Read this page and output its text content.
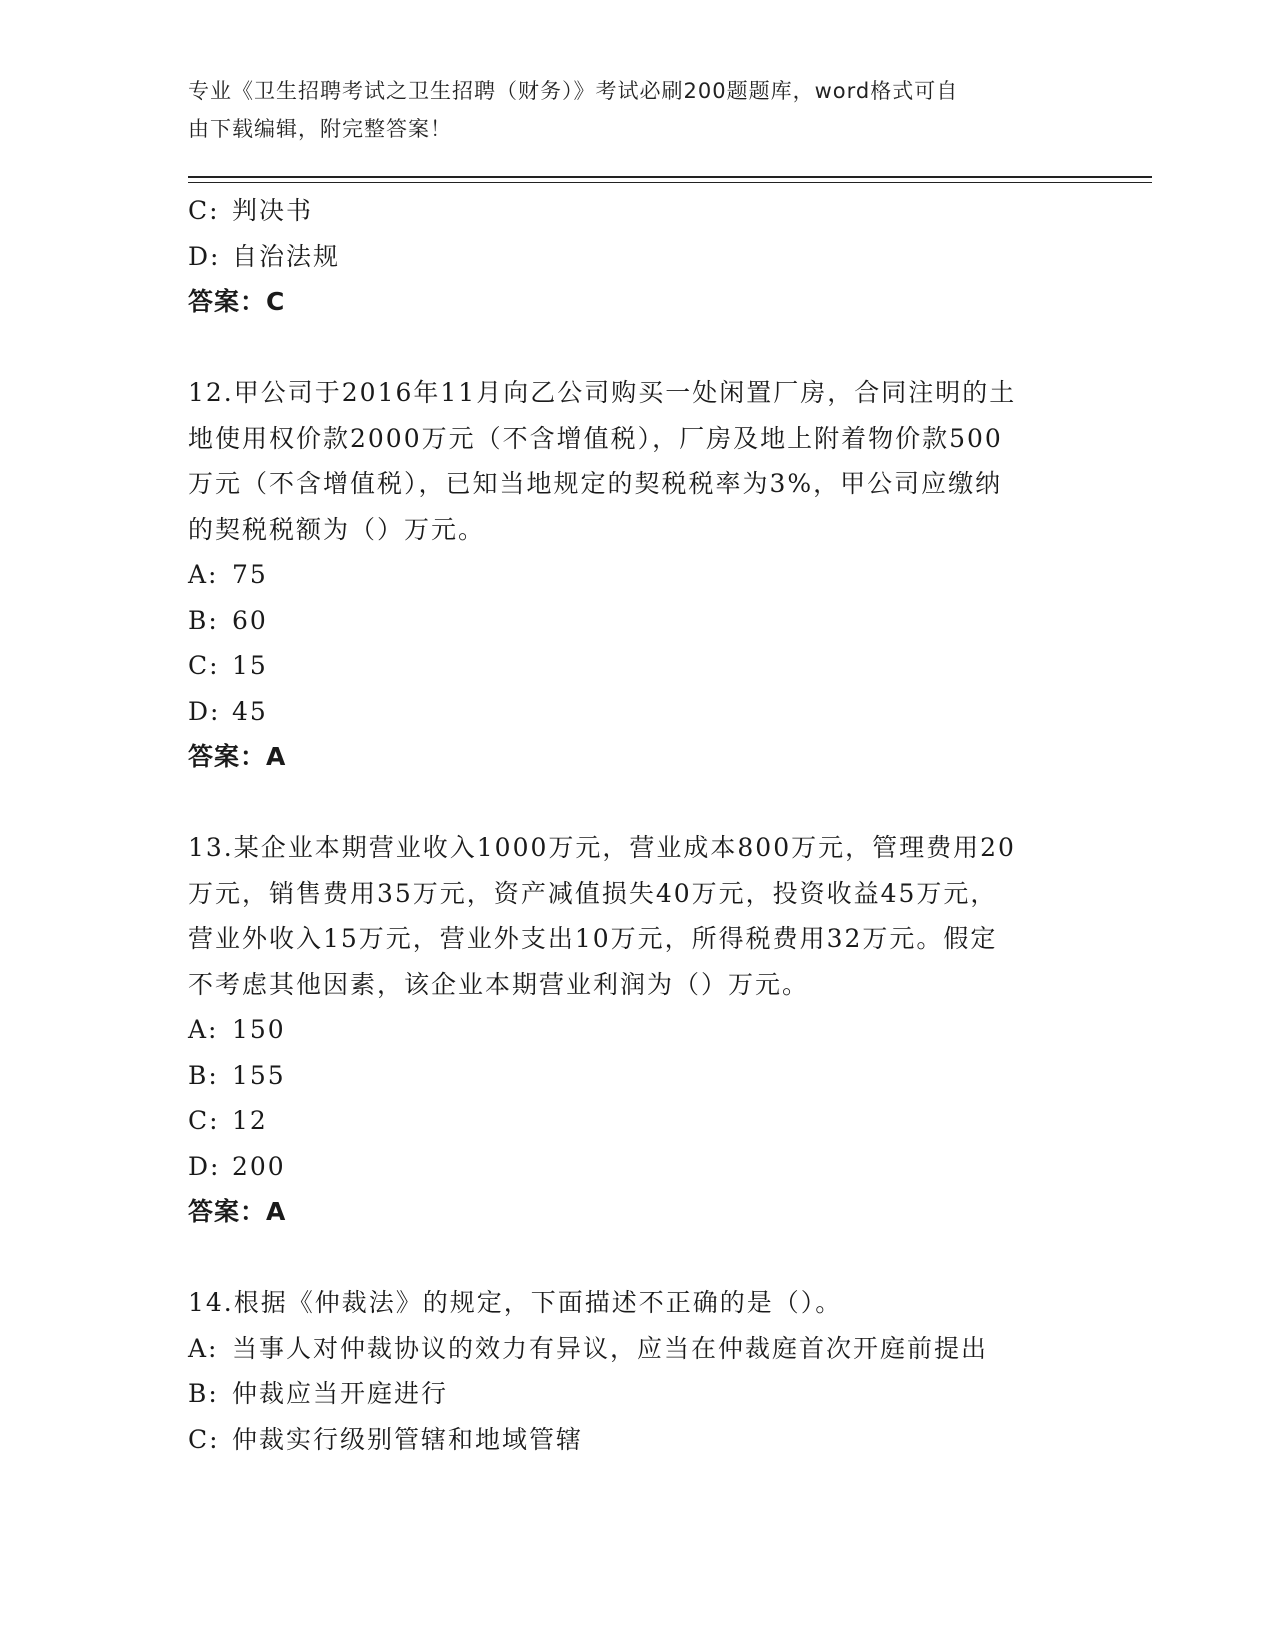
专业《卫生招聘考试之卫生招聘（财务）》考试必刷200题题库，word格式可自
由下载编辑，附完整答案！
C: 判决书
D: 自治法规
答案：C
12.甲公司于2016年11月向乙公司购买一处闲置厂房，合同注明的土
地使用权价款2000万元（不含增值税），厂房及地上附着物价款500
万元（不含增值税），已知当地规定的契税税率为3%，甲公司应缴纳
的契税税额为（）万元。
A: 75
B: 60
C: 15
D: 45
答案：A
13.某企业本期营业收入1000万元，营业成本800万元，管理费用20
万元，销售费用35万元，资产减值损失40万元，投资收益45万元，
营业外收入15万元，营业外支出10万元，所得税费用32万元。假定
不考虑其他因素，该企业本期营业利润为（）万元。
A: 150
B: 155
C: 12
D: 200
答案：A
14.根据《仲裁法》的规定，下面描述不正确的是（）。
A: 当事人对仲裁协议的效力有异议，应当在仲裁庭首次开庭前提出
B: 仲裁应当开庭进行
C: 仲裁实行级别管辖和地域管辖
